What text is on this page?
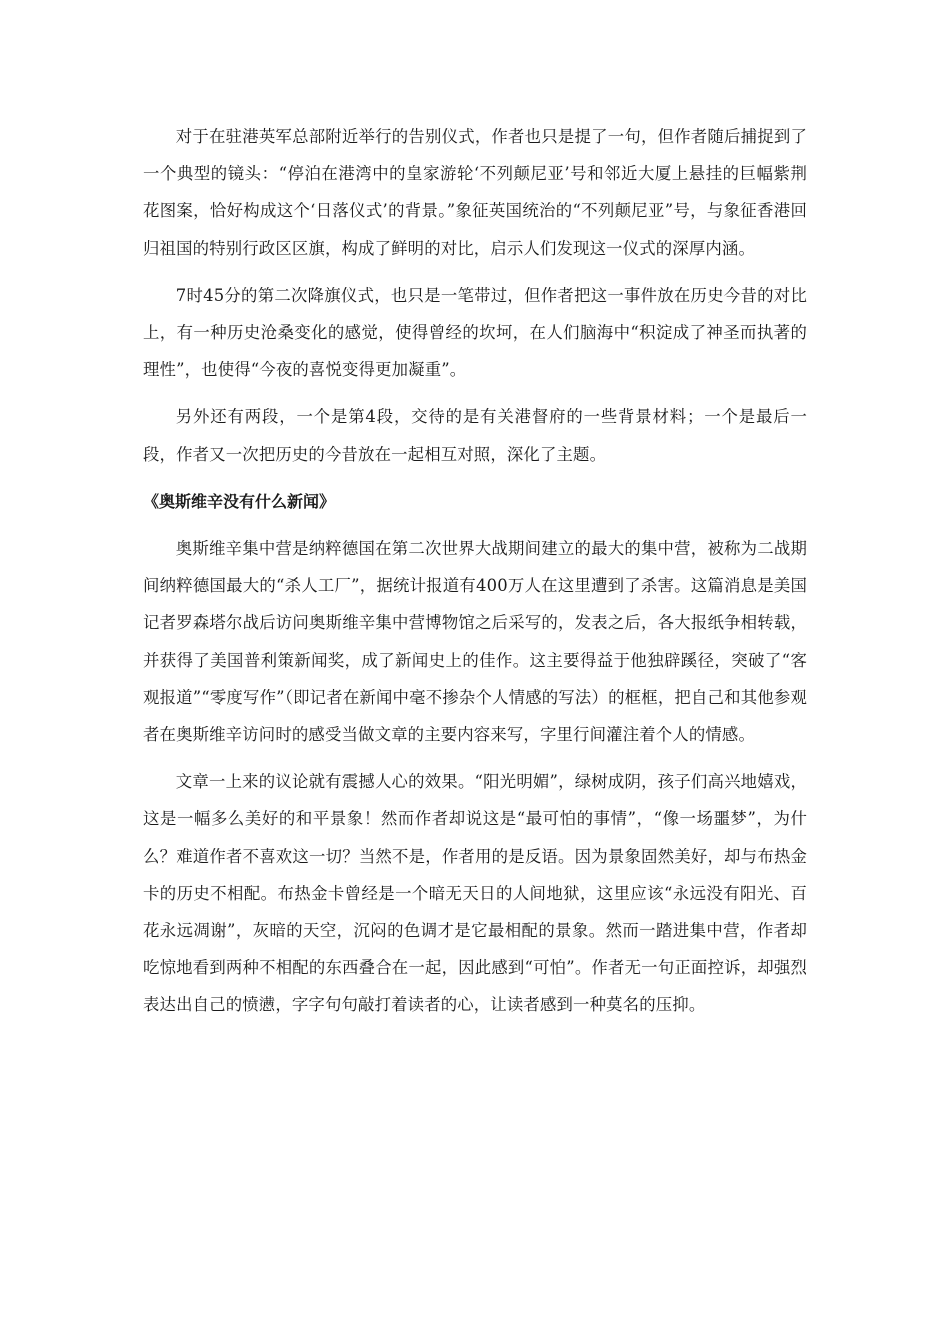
对于在驻港英军总部附近举行的告别仪式，作者也只是提了一句，但作者随后捕捉到了一个典型的镜头：“停泊在港湾中的皇家游轮‘不列颠尼亚’号和邻近大厦上悬挂的巨幅紫荆花图案，恰好构成这个‘日落仪式’的背景。”象征英国统治的“不列颠尼亚”号，与象征香港回归祖国的特别行政区区旗，构成了鲜明的对比，启示人们发现这一仪式的深厚内涵。

7时45分的第二次降旗仪式，也只是一笔带过，但作者把这一事件放在历史今昔的对比上，有一种历史沧桑变化的感觉，使得曾经的坎坷，在人们脑海中“积淀成了神圣而执著的理性”，也使得“今夜的喜悦变得更加凝重”。

另外还有两段，一个是第4段，交待的是有关港督府的一些背景材料；一个是最后一段，作者又一次把历史的今昔放在一起相互对照，深化了主题。

《奥斯维辛没有什么新闻》

奥斯维辛集中营是纳粹德国在第二次世界大战期间建立的最大的集中营，被称为二战期间纳粹德国最大的“杀人工厂”，据统计报道有400万人在这里遭到了杀害。这篇消息是美国记者罗森塔尔战后访问奥斯维辛集中营博物馆之后采写的，发表之后，各大报纸争相转载，并获得了美国普利策新闻奖，成了新闻史上的佳作。这主要得益于他独辟蹊径，突破了“客观报道”“零度写作”（即记者在新闻中毫不掺杂个人情感的写法）的框框，把自己和其他参观者在奥斯维辛访问时的感受当做文章的主要内容来写，字里行间灌注着个人的情感。

文章一上来的议论就有震撼人心的效果。“阳光明媚”，绿树成阴，孩子们高兴地嬉戏，这是一幅多么美好的和平景象！然而作者却说这是“最可怕的事情”，“像一场噩梦”，为什么？难道作者不喜欢这一切？当然不是，作者用的是反语。因为景象固然美好，却与布热金卡的历史不相配。布热金卡曾经是一个暗无天日的人间地狱，这里应该“永远没有阳光、百花永远凋谢”，灰暗的天空，沉闷的色调才是它最相配的景象。然而一踏进集中营，作者却吃惊地看到两种不相配的东西叠合在一起，因此感到“可怕”。作者无一句正面控诉，却强烈表达出自己的愤懑，字字句句敲打着读者的心，让读者感到一种莫名的压抑。
